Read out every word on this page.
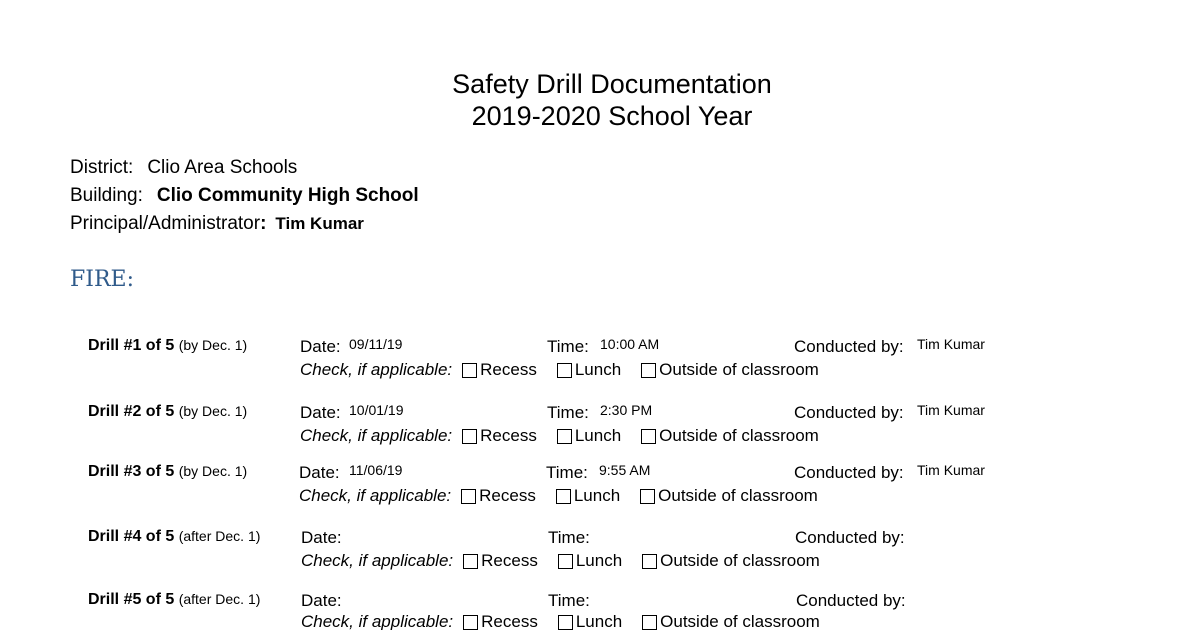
Safety Drill Documentation
2019-2020 School Year
District: Clio Area Schools
Building: Clio Community High School
Principal/Administrator: Tim Kumar
FIRE:
Drill #1 of 5 (by Dec. 1)	Date: 09/11/19	Time: 10:00 AM	Conducted by: Tim Kumar
Check, if applicable: Recess Lunch Outside of classroom
Drill #2 of 5 (by Dec. 1)	Date: 10/01/19	Time: 2:30 PM	Conducted by: Tim Kumar
Check, if applicable: Recess Lunch Outside of classroom
Drill #3 of 5 (by Dec. 1)	Date: 11/06/19	Time: 9:55 AM	Conducted by: Tim Kumar
Check, if applicable: Recess Lunch Outside of classroom
Drill #4 of 5 (after Dec. 1) Date:	Time:	Conducted by:
Check, if applicable: Recess Lunch Outside of classroom
Drill #5 of 5 (after Dec. 1) Date:	Time:	Conducted by:
Check, if applicable: Recess Lunch Outside of classroom
